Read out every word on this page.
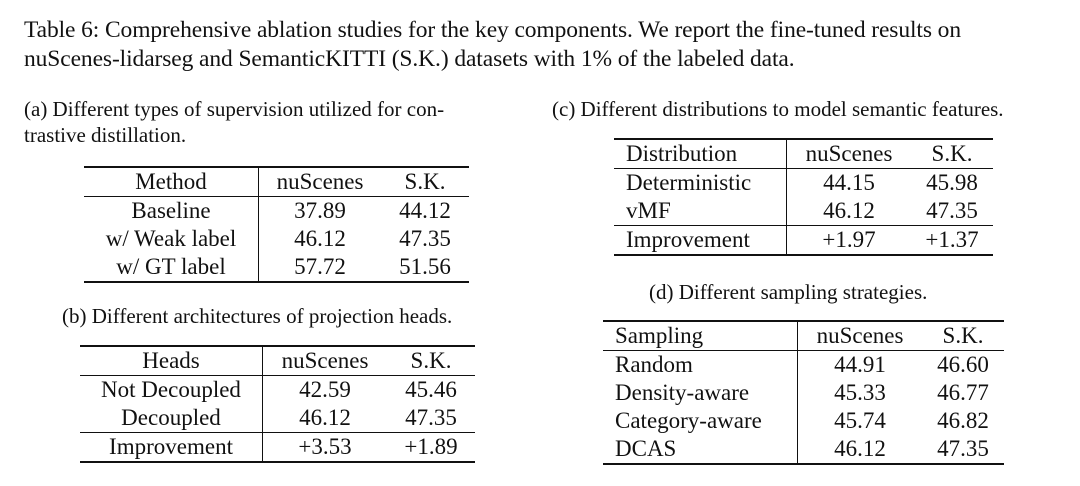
Table 6: Comprehensive ablation studies for the key components. We report the fine-tuned results on
nuScenes-lidarseg and SemanticKITTI (S.K.) datasets with 1% of the labeled data.
(a) Different types of supervision utilized for con-
trastive distillation.
Method	nuScenes	S.K.
Baseline	37.89	44.12
w/ Weak label	46.12	47.35
w/ GT label	57.72	51.56
(b) Different architectures of projection heads.
Heads	nuScenes	S.K.
Not Decoupled	42.59	45.46
Decoupled	46.12	47.35
Improvement	+3.53	+1.89
(c) Different distributions to model semantic features.
Distribution	nuScenes	S.K.
Deterministic	44.15	45.98
vMF	46.12	47.35
Improvement	+1.97	+1.37
(d) Different sampling strategies.
Sampling	nuScenes	S.K.
Random	44.91	46.60
Density-aware	45.33	46.77
Category-aware	45.74	46.82
DCAS	46.12	47.35
